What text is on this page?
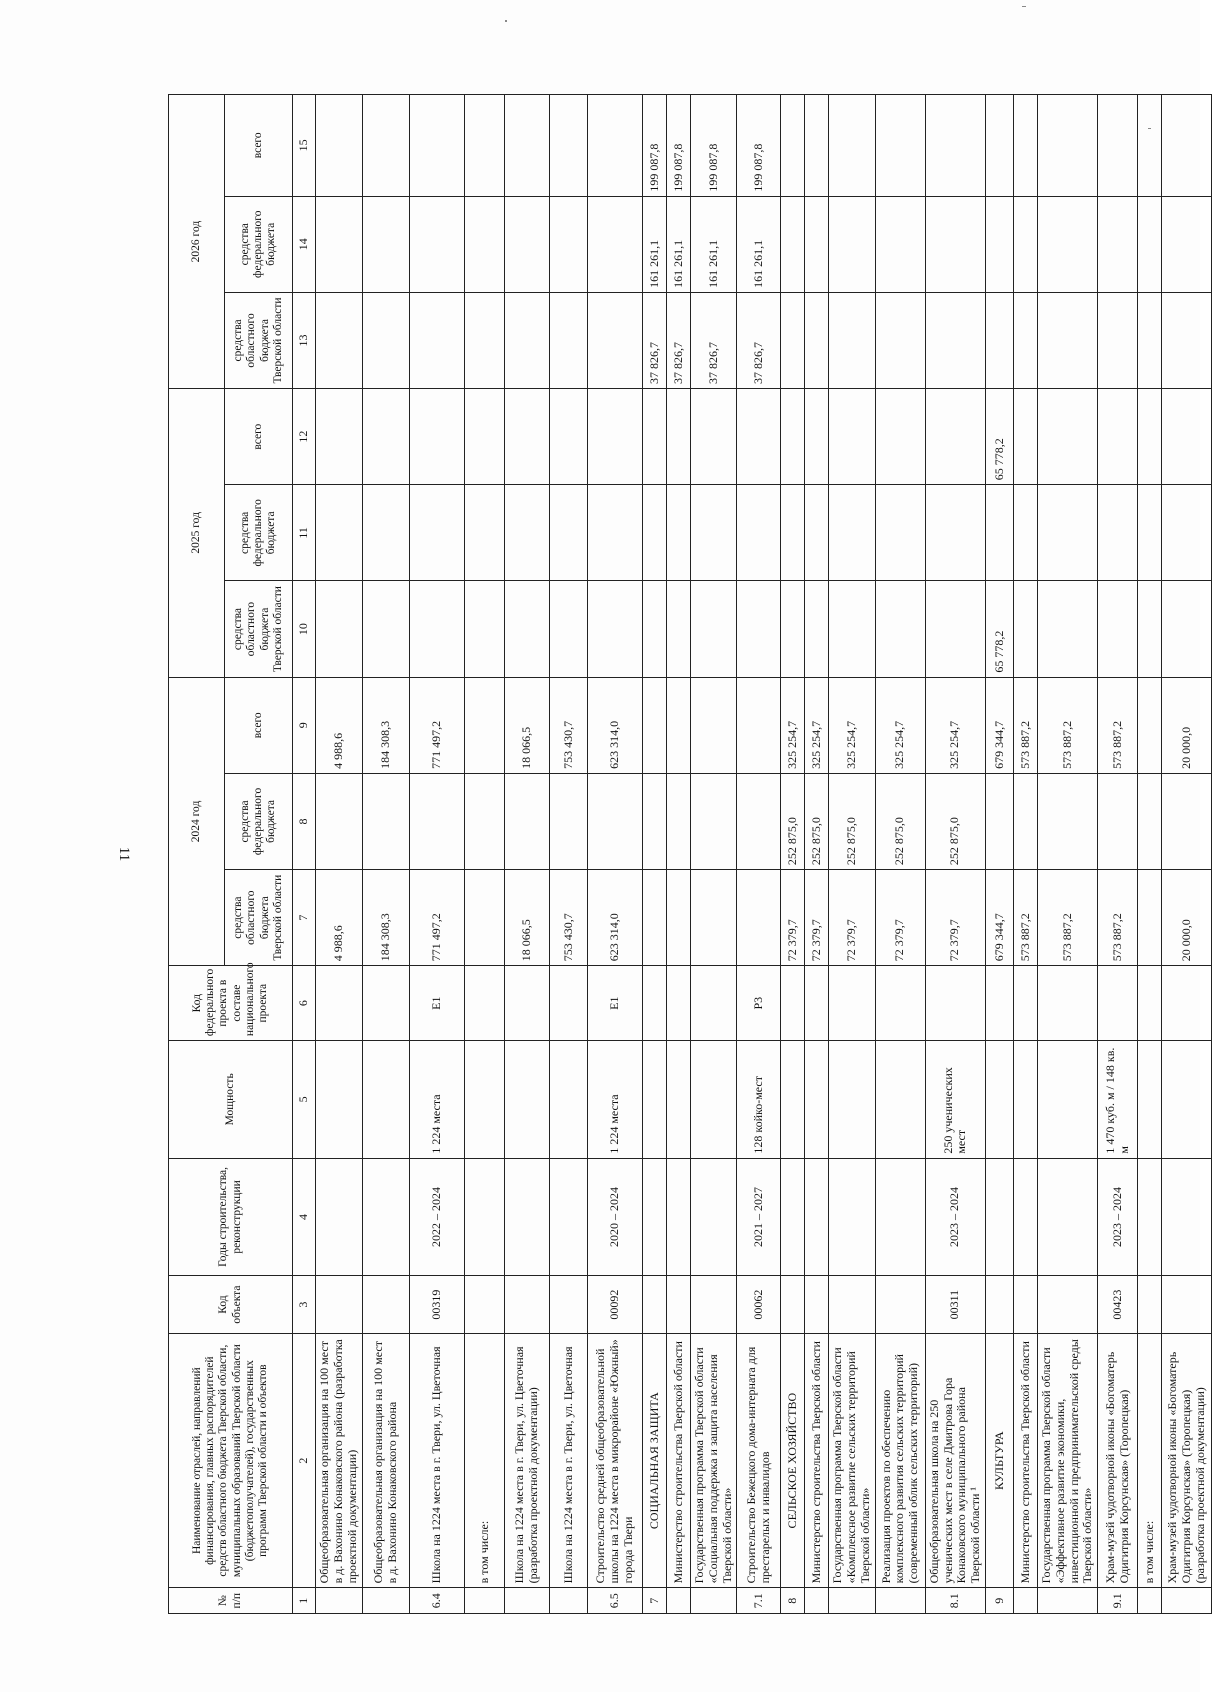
11
№ п/п	Наименование отраслей, направлений финансирования, главных распорядителей средств областного бюджета Тверской области, муниципальных образований Тверской области (бюджетополучателей), государственных программ Тверской области и объектов	Код объекта	Годы строительства, реконструкции	Мощность	Код федерального проекта в составе национального проекта	2024 год			2025 год			2026 год		
						средства областного бюджета Тверской области	средства федерального бюджета	всего	средства областного бюджета Тверской области	средства федерального бюджета	всего	средства областного бюджета Тверской области	средства федерального бюджета	всего
1	2	3	4	5	6	7	8	9	10	11	12	13	14	15
	Общеобразовательная организация на 100 мест в д. Вахонино Конаковского района (разработка проектной документации)					4 988,6		4 988,6						
	Общеобразовательная организация на 100 мест в д. Вахонино Конаковского района					184 308,3		184 308,3						
6.4	Школа на 1224 места в г. Твери, ул. Цветочная	00319	2022 – 2024	1 224 места	E1	771 497,2		771 497,2						
	в том числе:													
	Школа на 1224 места в г. Твери, ул. Цветочная (разработка проектной документации)					18 066,5		18 066,5						
	Школа на 1224 места в г. Твери, ул. Цветочная					753 430,7		753 430,7						
6.5	Строительство средней общеобразовательной школы на 1224 места в микрорайоне «Южный» города Твери	00092	2020 – 2024	1 224 места	E1	623 314,0		623 314,0						
7	СОЦИАЛЬНАЯ ЗАЩИТА											37 826,7	161 261,1	199 087,8
	Министерство строительства Тверской области											37 826,7	161 261,1	199 087,8
	Государственная программа Тверской области «Социальная поддержка и защита населения Тверской области»											37 826,7	161 261,1	199 087,8
7.1	Строительство Бежецкого дома-интерната для престарелых и инвалидов	00062	2021 – 2027	128 койко-мест	P3							37 826,7	161 261,1	199 087,8
8	СЕЛЬСКОЕ ХОЗЯЙСТВО					72 379,7	252 875,0	325 254,7						
	Министерство строительства Тверской области					72 379,7	252 875,0	325 254,7						
	Государственная программа Тверской области «Комплексное развитие сельских территорий Тверской области»					72 379,7	252 875,0	325 254,7						
	Реализация проектов по обеспечению комплексного развития сельских территорий (современный облик сельских территорий)					72 379,7	252 875,0	325 254,7						
8.1	Общеобразовательная школа на 250 ученических мест в селе Дмитрова Гора Конаковского муниципального района Тверской области ¹	00311	2023 – 2024	250 ученических мест		72 379,7	252 875,0	325 254,7						
9	КУЛЬТУРА					679 344,7		679 344,7	65 778,2		65 778,2			
	Министерство строительства Тверской области					573 887,2		573 887,2						
	Государственная программа Тверской области «Эффективное развитие экономики, инвестиционной и предпринимательской среды Тверской области»					573 887,2		573 887,2						
9.1	Храм-музей чудотворной иконы «Богоматерь Одигитрия Корсунская» (Торопецкая)	00423	2023 – 2024	1 470 куб. м / 148 кв. м		573 887,2		573 887,2						
	в том числе:													
	Храм-музей чудотворной иконы «Богоматерь Одигитрия Корсунская» (Торопецкая) (разработка проектной документации)					20 000,0		20 000,0						
